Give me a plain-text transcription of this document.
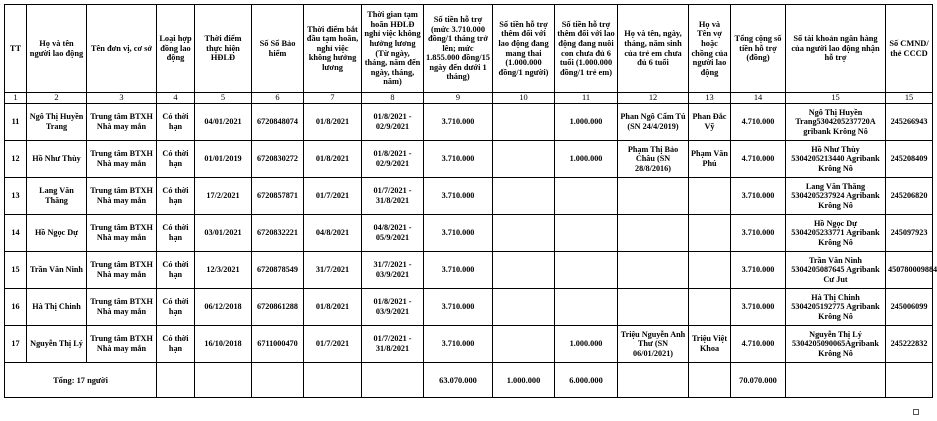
TT	Họ và tên người lao động	Tên đơn vị, cơ sở	Loại hợp đồng lao động	Thời điểm thực hiện HĐLĐ	Số Sổ Bảo hiểm	Thời điểm bắt đầu tạm hoãn, nghỉ việc không hưởng lương	Thời gian tạm hoãn HĐLĐ nghỉ việc không hưởng lương (Từ ngày, tháng, năm đến ngày, tháng, năm)	Số tiền hỗ trợ (mức 3.710.000 đồng/1 tháng trở lên; mức 1.855.000 đồng/15 ngày đến dưới 1 tháng)	Số tiền hỗ trợ thêm đối với lao động đang mang thai (1.000.000 đồng/1 người)	Số tiền hỗ trợ thêm đối với lao động đang nuôi con chưa đủ 6 tuổi (1.000.000 đồng/1 trẻ em)	Họ và tên, ngày, tháng, năm sinh của trẻ em chưa đủ 6 tuổi	Họ và Tên vợ hoặc chồng của người lao động	Tổng cộng số tiền hỗ trợ (đồng)	Số tài khoản ngân hàng của người lao động nhận hỗ trợ	Số CMND/ thẻ CCCD
1	2	3	4	5	6	7	8	9	10	11	12	13	14	15	15
11	Ngô Thị Huyền Trang	Trung tâm BTXH Nhà may mắn	Có thời hạn	04/01/2021	6720848074	01/8/2021	01/8/2021 - 02/9/2021	3.710.000		1.000.000	Phan Ngô Cẩm Tú (SN 24/4/2019)	Phan Đắc Vỹ	4.710.000	Ngô Thị Huyền Trang5304205237720A gribank Krông Nô	245266943
12	Hồ Như Thùy	Trung tâm BTXH Nhà may mắn	Có thời hạn	01/01/2019	6720830272	01/8/2021	01/8/2021 - 02/9/2021	3.710.000		1.000.000	Phạm Thị Bảo Châu (SN 28/8/2016)	Phạm Văn Phú	4.710.000	Hồ Như Thùy 5304205213440 Agribank Krông Nô	245208409
13	Lang Văn Thăng	Trung tâm BTXH Nhà may mắn	Có thời hạn	17/2/2021	6720857871	01/7/2021	01/7/2021 - 31/8/2021	3.710.000					3.710.000	Lang Văn Thăng 5304205237924 Agribank Krông Nô	245206820
14	Hồ Ngọc Dự	Trung tâm BTXH Nhà may mắn	Có thời hạn	03/01/2021	6720832221	04/8/2021	04/8/2021 - 05/9/2021	3.710.000					3.710.000	Hồ Ngọc Dự 5304205233771 Agribank Krông Nô	245097923
15	Trần Văn Ninh	Trung tâm BTXH Nhà may mắn	Có thời hạn	12/3/2021	6720878549	31/7/2021	31/7/2021 - 03/9/2021	3.710.000					3.710.000	Trần Văn Ninh 5304205087645 Agribank Cư Jut	450780009884
16	Hà Thị Chinh	Trung tâm BTXH Nhà may mắn	Có thời hạn	06/12/2018	6720861288	01/8/2021	01/8/2021 - 03/9/2021	3.710.000					3.710.000	Hà Thị Chinh 5304205192775 Agribank Krông Nô	245006099
17	Nguyễn Thị Lý	Trung tâm BTXH Nhà may mắn	Có thời hạn	16/10/2018	6711000470	01/7/2021	01/7/2021 - 31/8/2021	3.710.000		1.000.000	Triệu Nguyễn Anh Thư (SN 06/01/2021)	Triệu Việt Khoa	4.710.000	Nguyễn Thị Lý 5304205090065Agribank Krông Nô	245222832
Tổng: 17 người								63.070.000	1.000.000	6.000.000			70.070.000		
